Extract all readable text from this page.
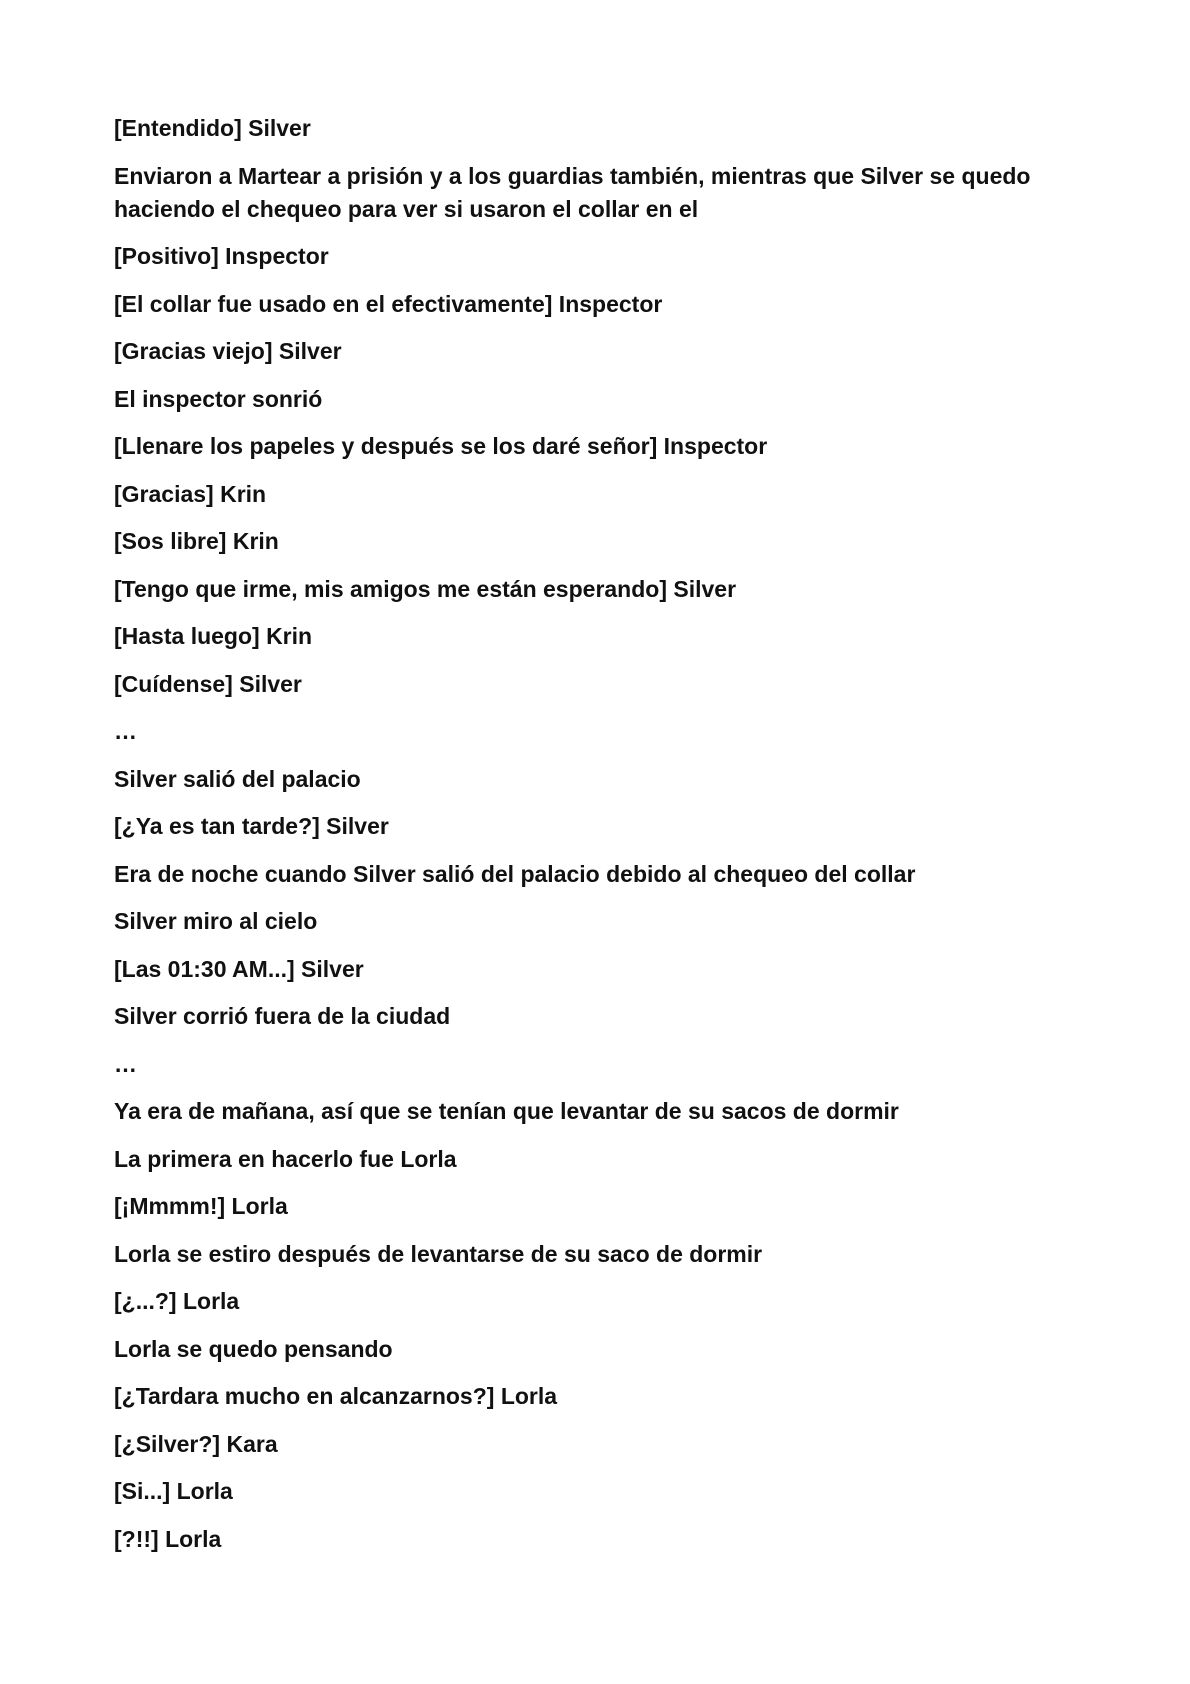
[Entendido] Silver

Enviaron a Martear a prisión y a los guardias también, mientras que Silver se quedo haciendo el chequeo para ver si usaron el collar en el

[Positivo] Inspector

[El collar fue usado en el efectivamente] Inspector

[Gracias viejo] Silver

El inspector sonrió

[Llenare los papeles y después se los daré señor] Inspector

[Gracias] Krin

[Sos libre] Krin

[Tengo que irme, mis amigos me están esperando] Silver

[Hasta luego] Krin

[Cuídense] Silver

…

Silver salió del palacio

[¿Ya es tan tarde?] Silver

Era de noche cuando Silver salió del palacio debido al chequeo del collar

Silver miro al cielo

[Las 01:30 AM...] Silver

Silver corrió fuera de la ciudad

…

Ya era de mañana, así que se tenían que levantar de su sacos de dormir

La primera en hacerlo fue Lorla

[¡Mmmm!] Lorla

Lorla se estiro después de levantarse de su saco de dormir

[¿...?] Lorla

Lorla se quedo pensando

[¿Tardara mucho en alcanzarnos?] Lorla

[¿Silver?] Kara

[Si...] Lorla

[?!!] Lorla
